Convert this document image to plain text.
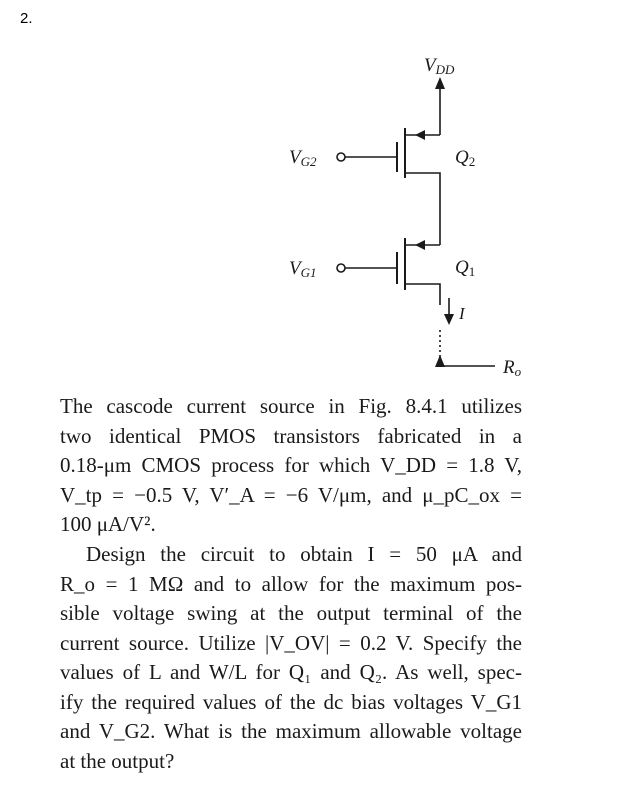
2.
VDD
VG2
VG1
Q2
Q1
I
Ro
The cascode current source in Fig. 8.4.1 utilizes
two identical PMOS transistors fabricated in a
0.18-μm CMOS process for which V_DD = 1.8 V,
V_tp = −0.5 V, V′_A = −6 V/μm, and μ_pC_ox =
100 μA/V².
Design the circuit to obtain I = 50 μA and
R_o = 1 MΩ and to allow for the maximum pos-
sible voltage swing at the output terminal of the
current source. Utilize |V_OV| = 0.2 V. Specify the
values of L and W/L for Q₁ and Q₂. As well, spec-
ify the required values of the dc bias voltages V_G1
and V_G2. What is the maximum allowable voltage
at the output?
